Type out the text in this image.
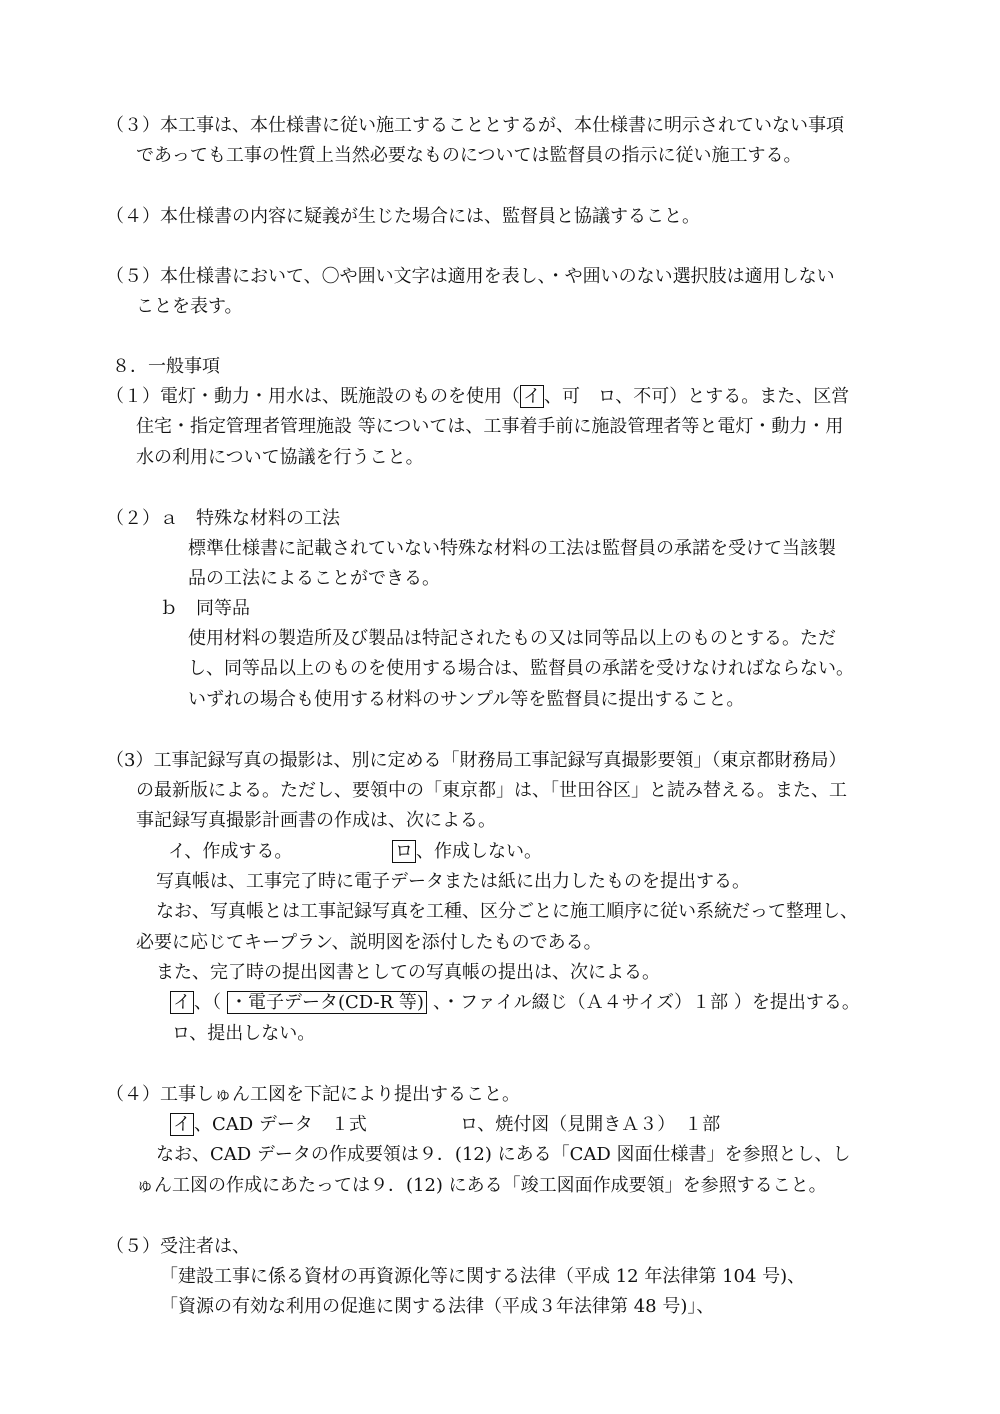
（３）本工事は、本仕様書に従い施工することとするが、本仕様書に明示されていない事項
であっても工事の性質上当然必要なものについては監督員の指示に従い施工する。
（４）本仕様書の内容に疑義が生じた場合には、監督員と協議すること。
（５）本仕様書において、〇や囲い文字は適用を表し、・や囲いのない選択肢は適用しない
ことを表す。
８．一般事項
（１）電灯・動力・用水は、既施設のものを使用（ イ 、可　ロ、不可）とする。また、区営
住宅・指定管理者管理施設 等については、工事着手前に施設管理者等と電灯・動力・用
水の利用について協議を行うこと。
（２）ａ　特殊な材料の工法
標準仕様書に記載されていない特殊な材料の工法は監督員の承諾を受けて当該製
品の工法によることができる。
ｂ　同等品
使用材料の製造所及び製品は特記されたもの又は同等品以上のものとする。ただ
し、同等品以上のものを使用する場合は、監督員の承諾を受けなければならない。
いずれの場合も使用する材料のサンプル等を監督員に提出すること。
（3）工事記録写真の撮影は、別に定める「財務局工事記録写真撮影要領」（東京都財務局）
の最新版による。ただし、要領中の「東京都」は、「世田谷区」と読み替える。また、工
事記録写真撮影計画書の作成は、次による。
イ、作成する。	ロ 、作成しない。
写真帳は、工事完了時に電子データまたは紙に出力したものを提出する。
なお、写真帳とは工事記録写真を工種、区分ごとに施工順序に従い系統だって整理し、
必要に応じてキープラン、説明図を添付したものである。
また、完了時の提出図書としての写真帳の提出は、次による。
イ 、（ ・電子データ(CD-R 等) 、・ファイル綴じ（Ａ４サイズ）１部 ）を提出する。
ロ、提出しない。
（４）工事しゅん工図を下記により提出すること。
イ 、CAD データ　１式	ロ、焼付図（見開きＡ３）　１部
なお、CAD データの作成要領は９．(12) にある「CAD 図面仕様書」を参照とし、し
ゅん工図の作成にあたっては９．(12) にある「竣工図面作成要領」を参照すること。
（５）受注者は、
「建設工事に係る資材の再資源化等に関する法律（平成 12 年法律第 104 号)、
「資源の有効な利用の促進に関する法律（平成３年法律第 48 号)」、
